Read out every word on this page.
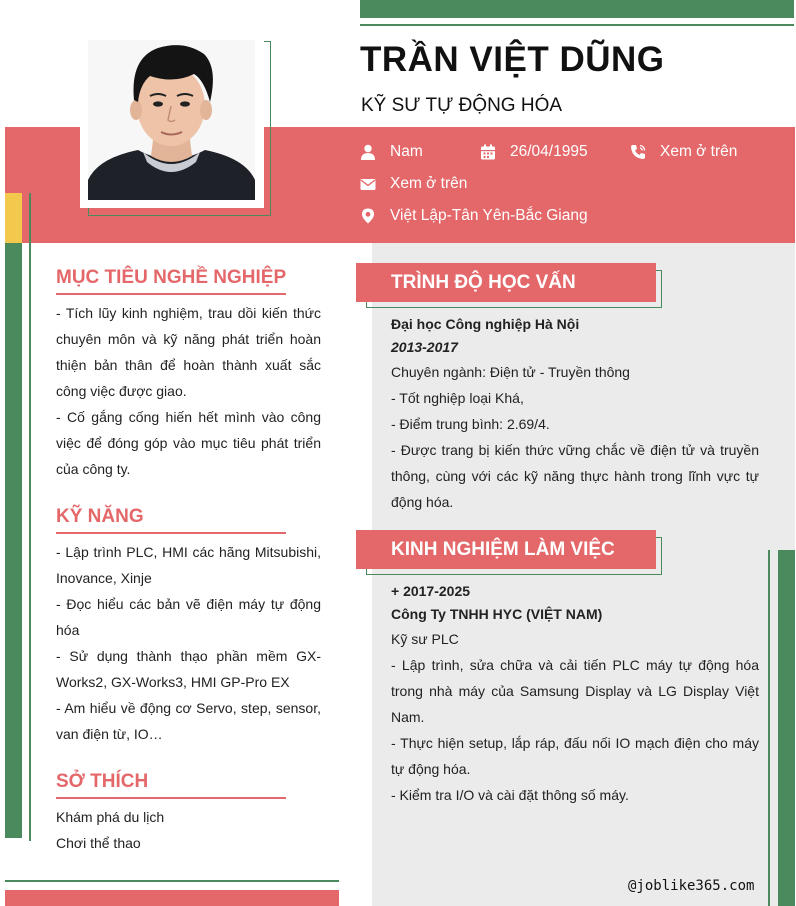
TRẦN VIỆT DŨNG
KỸ SƯ TỰ ĐỘNG HÓA
Nam	26/04/1995	Xem ở trên
Xem ở trên
Việt Lập-Tân Yên-Bắc Giang
MỤC TIÊU NGHỀ NGHIỆP

- Tích lũy kinh nghiệm, trau dồi kiến thức chuyên môn và kỹ năng phát triển hoàn thiện bản thân để hoàn thành xuất sắc công việc được giao.

- Cố gắng cống hiến hết mình vào công việc để đóng góp vào mục tiêu phát triển của công ty.

KỸ NĂNG

- Lập trình PLC, HMI các hãng Mitsubishi, Inovance, Xinje

- Đọc hiểu các bản vẽ điện máy tự động hóa

- Sử dụng thành thạo phần mềm GX-Works2, GX-Works3, HMI GP-Pro EX

- Am hiểu về động cơ Servo, step, sensor, van điện từ, IO…

SỞ THÍCH

Khám phá du lịch

Chơi thể thao

TRÌNH ĐỘ HỌC VẤN
Đại học Công nghiệp Hà Nội
2013-2017
Chuyên ngành: Điện tử - Truyền thông

- Tốt nghiệp loại Khá,

- Điểm trung bình: 2.69/4.

- Được trang bị kiến thức vững chắc về điện tử và truyền thông, cùng với các kỹ năng thực hành trong lĩnh vực tự động hóa.

KINH NGHIỆM LÀM VIỆC
+ 2017-2025
Công Ty TNHH HYC (VIỆT NAM)
Kỹ sư PLC

- Lập trình, sửa chữa và cải tiến PLC máy tự động hóa trong nhà máy của Samsung Display và LG Display Việt Nam.

- Thực hiện setup, lắp ráp, đấu nối IO mạch điện cho máy tự động hóa.

- Kiểm tra I/O và cài đặt thông số máy.

@joblike365.com
